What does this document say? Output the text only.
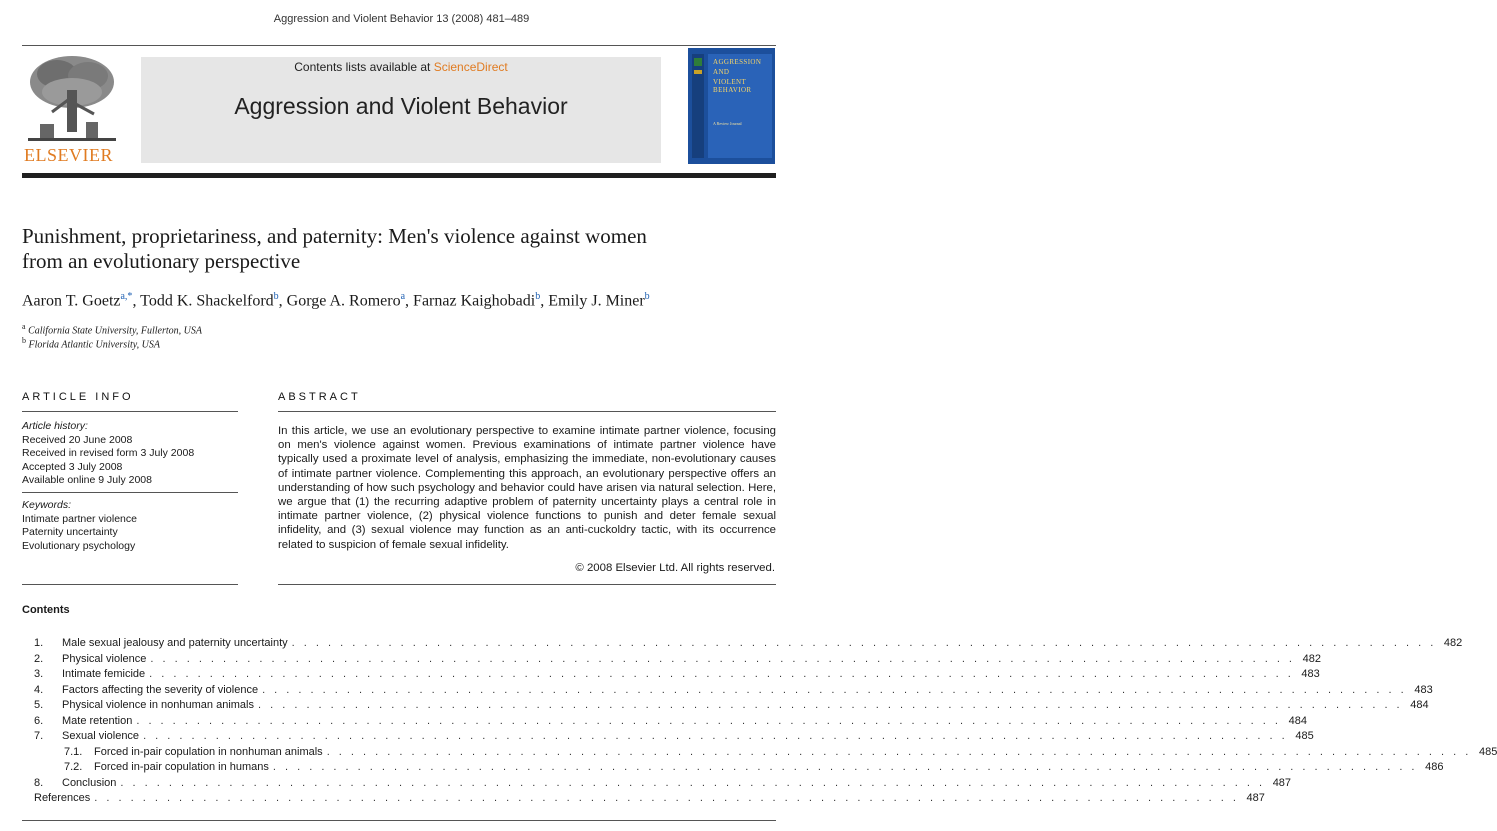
Aggression and Violent Behavior 13 (2008) 481–489
ELSEVIER
Contents lists available at ScienceDirect
Aggression and Violent Behavior
AGGRESSION
AND
VIOLENT BEHAVIOR
A Review Journal
Punishment, proprietariness, and paternity: Men's violence against women
from an evolutionary perspective
Aaron T. Goetz$^{a,*}$, Todd K. Shackelford$^b$, Gorge A. Romero$^a$, Farnaz Kaighobadi$^b$, Emily J. Miner$^b$
$^a$ California State University, Fullerton, USA
$^b$ Florida Atlantic University, USA
ARTICLE INFO
Article history:
Received 20 June 2008
Received in revised form 3 July 2008
Accepted 3 July 2008
Available online 9 July 2008
Keywords:
Intimate partner violence
Paternity uncertainty
Evolutionary psychology
ABSTRACT
In this article, we use an evolutionary perspective to examine intimate partner violence, focusing on men's violence against women. Previous examinations of intimate partner violence have typically used a proximate level of analysis, emphasizing the immediate, non-evolutionary causes of intimate partner violence. Complementing this approach, an evolutionary perspective offers an understanding of how such psychology and behavior could have arisen via natural selection. Here, we argue that (1) the recurring adaptive problem of paternity uncertainty plays a central role in intimate partner violence, (2) physical violence functions to punish and deter female sexual infidelity, and (3) sexual violence may function as an anti-cuckoldry tactic, with its occurrence related to suspicion of female sexual infidelity.
© 2008 Elsevier Ltd. All rights reserved.
Contents
1.	Male sexual jealousy and paternity uncertainty . . . . . . . . . . . . . . . . . . . . . . . . . . . . . . . . . . . . . . . . . . . . . . . . . . . . . . . . . . . . . . . . . . . . . . . . . . . . . . . . . . . . . . . . . . . . . . . 482
2.	Physical violence . . . . . . . . . . . . . . . . . . . . . . . . . . . . . . . . . . . . . . . . . . . . . . . . . . . . . . . . . . . . . . . . . . . . . . . . . . . . . . . . . . . . . . . . . . . . . . . 482
3.	Intimate femicide . . . . . . . . . . . . . . . . . . . . . . . . . . . . . . . . . . . . . . . . . . . . . . . . . . . . . . . . . . . . . . . . . . . . . . . . . . . . . . . . . . . . . . . . . . . . . . . 483
4.	Factors affecting the severity of violence . . . . . . . . . . . . . . . . . . . . . . . . . . . . . . . . . . . . . . . . . . . . . . . . . . . . . . . . . . . . . . . . . . . . . . . . . . . . . . . . . . . . . . . . . . . . . . . 483
5.	Physical violence in nonhuman animals . . . . . . . . . . . . . . . . . . . . . . . . . . . . . . . . . . . . . . . . . . . . . . . . . . . . . . . . . . . . . . . . . . . . . . . . . . . . . . . . . . . . . . . . . . . . . . . 484
6.	Mate retention . . . . . . . . . . . . . . . . . . . . . . . . . . . . . . . . . . . . . . . . . . . . . . . . . . . . . . . . . . . . . . . . . . . . . . . . . . . . . . . . . . . . . . . . . . . . . . . 484
7.	Sexual violence . . . . . . . . . . . . . . . . . . . . . . . . . . . . . . . . . . . . . . . . . . . . . . . . . . . . . . . . . . . . . . . . . . . . . . . . . . . . . . . . . . . . . . . . . . . . . . . 485
7.1.	Forced in-pair copulation in nonhuman animals . . . . . . . . . . . . . . . . . . . . . . . . . . . . . . . . . . . . . . . . . . . . . . . . . . . . . . . . . . . . . . . . . . . . . . . . . . . . . . . . . . . . . . . . . . . . . . . 485
7.2.	Forced in-pair copulation in humans . . . . . . . . . . . . . . . . . . . . . . . . . . . . . . . . . . . . . . . . . . . . . . . . . . . . . . . . . . . . . . . . . . . . . . . . . . . . . . . . . . . . . . . . . . . . . . . 486
8.	Conclusion . . . . . . . . . . . . . . . . . . . . . . . . . . . . . . . . . . . . . . . . . . . . . . . . . . . . . . . . . . . . . . . . . . . . . . . . . . . . . . . . . . . . . . . . . . . . . . . 487
References . . . . . . . . . . . . . . . . . . . . . . . . . . . . . . . . . . . . . . . . . . . . . . . . . . . . . . . . . . . . . . . . . . . . . . . . . . . . . . . . . . . . . . . . . . . . . . . 487
